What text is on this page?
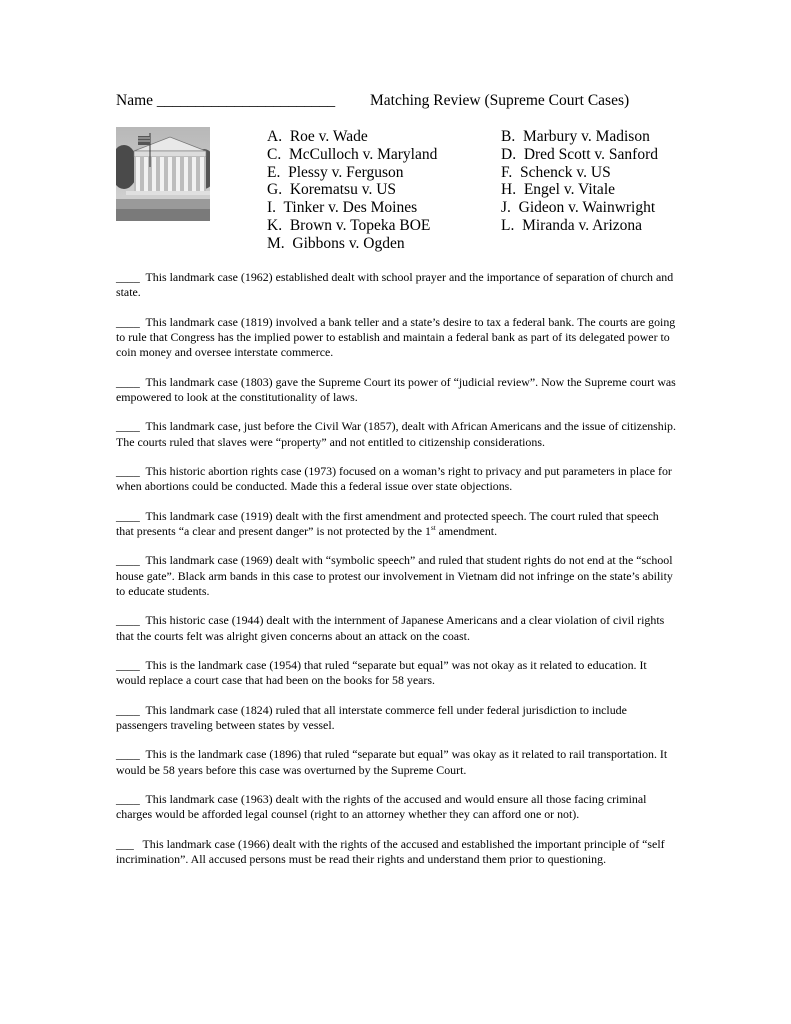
Name _______________________ Matching Review (Supreme Court Cases)
A.  Roe v. Wade
C.  McCulloch v. Maryland
E.  Plessy v. Ferguson
G.  Korematsu v. US
I.  Tinker v. Des Moines
K.  Brown v. Topeka BOE
M.  Gibbons v. Ogden
B.  Marbury v. Madison
D.  Dred Scott v. Sanford
F.  Schenck v. US
H.  Engel v. Vitale
J.  Gideon v. Wainwright
L.  Miranda v. Arizona

____  This landmark case (1962) established dealt with school prayer and the importance of separation of church and state.

____  This landmark case (1819) involved a bank teller and a state’s desire to tax a federal bank. The courts are going to rule that Congress has the implied power to establish and maintain a federal bank as part of its delegated power to coin money and oversee interstate commerce.

____  This landmark case (1803) gave the Supreme Court its power of “judicial review”. Now the Supreme court was empowered to look at the constitutionality of laws.

____  This landmark case, just before the Civil War (1857), dealt with African Americans and the issue of citizenship. The courts ruled that slaves were “property” and not entitled to citizenship considerations.

____  This historic abortion rights case (1973) focused on a woman’s right to privacy and put parameters in place for when abortions could be conducted. Made this a federal issue over state objections.

____  This landmark case (1919) dealt with the first amendment and protected speech. The court ruled that speech that presents “a clear and present danger” is not protected by the 1st amendment.

____  This landmark case (1969) dealt with “symbolic speech” and ruled that student rights do not end at the “school house gate”. Black arm bands in this case to protest our involvement in Vietnam did not infringe on the state’s ability to educate students.

____  This historic case (1944) dealt with the internment of Japanese Americans and a clear violation of civil rights that the courts felt was alright given concerns about an attack on the coast.

____  This is the landmark case (1954) that ruled “separate but equal” was not okay as it related to education. It would replace a court case that had been on the books for 58 years.

____  This landmark case (1824) ruled that all interstate commerce fell under federal jurisdiction to include passengers traveling between states by vessel.

____  This is the landmark case (1896) that ruled “separate but equal” was okay as it related to rail transportation. It would be 58 years before this case was overturned by the Supreme Court.

____  This landmark case (1963) dealt with the rights of the accused and would ensure all those facing criminal charges would be afforded legal counsel (right to an attorney whether they can afford one or not).

___   This landmark case (1966) dealt with the rights of the accused and established the important principle of “self incrimination”. All accused persons must be read their rights and understand them prior to questioning.
